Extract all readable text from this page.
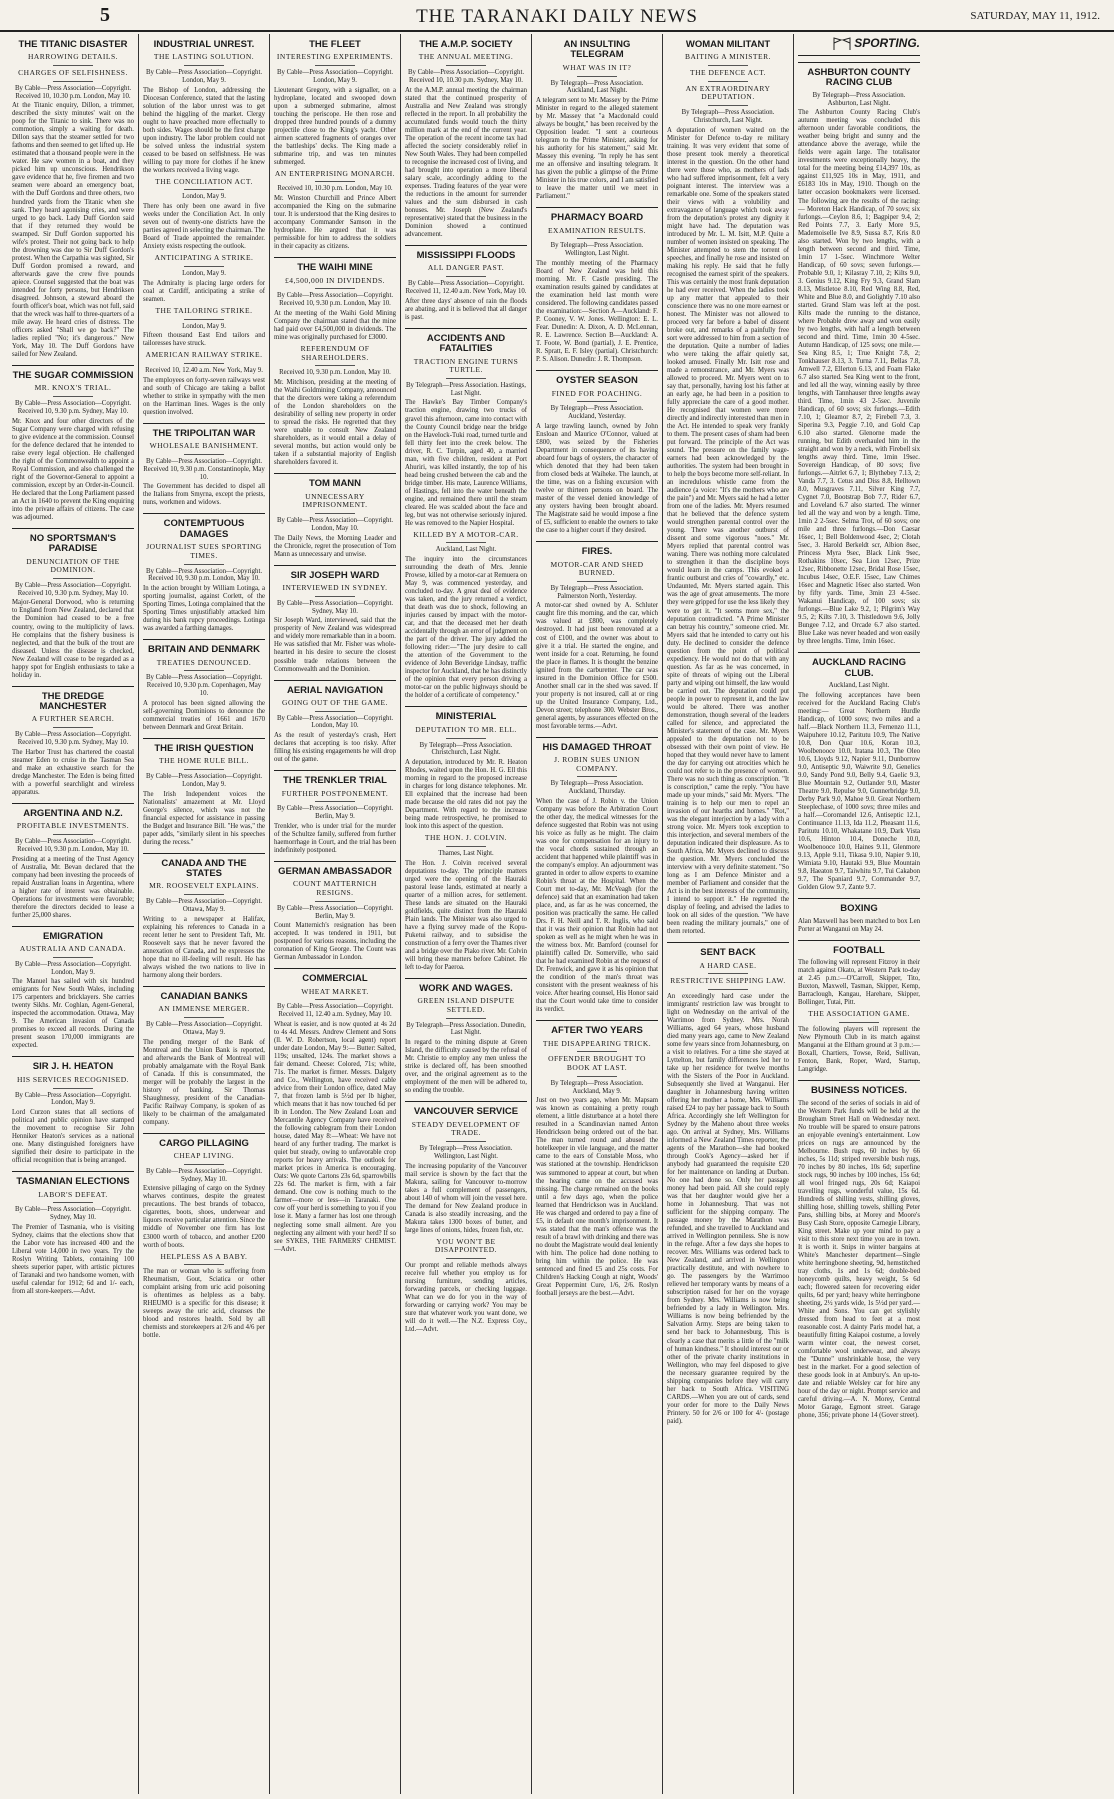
5	THE TARANAKI DAILY NEWS	SATURDAY, MAY 11, 1912.
THE TITANIC DISASTER
HARROWING DETAILS.
CHARGES OF SELFISHNESS.
By Cable—Press Association—Copyright. Received 10, 10.30 p.m. London, May 10.
At the Titanic enquiry, Dillon, a trimmer, described the sixty minutes' wait on the poop for the Titanic to sink. There was no commotion, simply a waiting for death. Dillon says that the steamer settled for two fathoms and then seemed to get lifted up. He estimated that a thousand people were in the water. He saw women in a boat, and they picked him up unconscious. Hendrikson gave evidence that he, five firemen and two seamen were aboard an emergency boat, with the Duff Gordons and three others, two hundred yards from the Titanic when she sank. They heard agonising cries, and were urged to go back. Lady Duff Gordon said that if they returned they would be swamped. Sir Duff Gordon supported his wife's protest. Their not going back to help the drowning was due to Sir Duff Gordon's protest. When the Carpathia was sighted, Sir Duff Gordon promised a reward, and afterwards gave the crew five pounds apiece. Counsel suggested that the boat was intended for forty persons, but Hendriksen disagreed. Johnson, a steward aboard the fourth officer's boat, which was not full, said that the wreck was half to three-quarters of a mile away. He heard cries of distress. The officers asked "Shall we go back?" The ladies replied "No; it's dangerous." New York, May 10. The Duff Gordons have sailed for New Zealand.
THE SUGAR COMMISSION
MR. KNOX'S TRIAL.
By Cable—Press Association—Copyright. Received 10, 9.30 p.m. Sydney, May 10.
Mr. Knox and four other directors of the Sugar Company were charged with refusing to give evidence at the commission. Counsel for the defence declared that he intended to raise every legal objection. He challenged the right of the Commonwealth to appoint a Royal Commission, and also challenged the right of the Governor-General to appoint a commission, except by an Order-in-Council. He declared that the Long Parliament passed an Act in 1640 to prevent the King enquiring into the private affairs of citizens. The case was adjourned.
NO SPORTSMAN'S PARADISE
DENUNCIATION OF THE DOMINION.
By Cable—Press Association—Copyright. Received 10, 9.30 p.m. Sydney, May 10.
Major-General Dorwood, who is returning to England from New Zealand, declared that the Dominion had ceased to be a free country, owing to the multiplicity of laws. He complains that the fishery business is neglected, and that the bulk of the trout are diseased. Unless the disease is checked, New Zealand will cease to be regarded as a happy spot for English enthusiasts to take a holiday in.
THE DREDGE MANCHESTER
A FURTHER SEARCH.
By Cable—Press Association—Copyright. Received 10, 9.30 p.m. Sydney, May 10.
The Harbor Trust has chartered the coastal steamer Eden to cruise in the Tasman Sea and make an exhaustive search for the dredge Manchester. The Eden is being fitted with a powerful searchlight and wireless apparatus.
ARGENTINA AND N.Z.
PROFITABLE INVESTMENTS.
By Cable—Press Association—Copyright. Received 10, 9.30 p.m. London, May 10.
Presiding at a meeting of the Trust Agency of Australia, Mr. Bevan declared that the company had been investing the proceeds of repaid Australian loans in Argentina, where a higher rate of interest was obtainable. Operations for investments were favorable; therefore the directors decided to lease a further 25,000 shares.
EMIGRATION
AUSTRALIA AND CANADA.
By Cable—Press Association—Copyright. London, May 9.
The Manuel has sailed with six hundred emigrants for New South Wales, including 175 carpenters and bricklayers. She carries twenty Sikhs. Mr. Coghlan, Agent-General, inspected the accommodation. Ottawa, May 9. The American invasion of Canada promises to exceed all records. During the present season 170,000 immigrants are expected.
SIR J. H. HEATON
HIS SERVICES RECOGNISED.
By Cable—Press Association—Copyright. London, May 9.
Lord Curzon states that all sections of political and public opinion have stamped the movement to recognise Sir John Henniker Heaton's services as a national one. Many distinguished foreigners have signified their desire to participate in the official recognition that is being arranged.
TASMANIAN ELECTIONS
LABOR'S DEFEAT.
By Cable—Press Association—Copyright. Sydney, May 10.
The Premier of Tasmania, who is visiting Sydney, claims that the elections show that the Labor vote has increased 400 and the Liberal vote 14,000 in two years. Try the Roslyn Writing Tablets, containing 100 sheets superior paper, with artistic pictures of Taranaki and two handsome women, with useful calendar for 1912; 6d and 1/- each, from all store-keepers.—Advt.
INDUSTRIAL UNREST.
THE LASTING SOLUTION.
By Cable—Press Association—Copyright. London, May 9.
The Bishop of London, addressing the Diocesan Conference, stated that the lasting solution of the labor unrest was to get behind the higgling of the market. Clergy ought to have preached more effectually to both sides. Wages should be the first charge upon industry. The labor problem could not be solved unless the industrial system ceased to be based on selfishness. He was willing to pay more for clothes if he knew the workers received a living wage.
THE CONCILIATION ACT.
London, May 9.
There has only been one award in five weeks under the Conciliation Act. In only seven out of twenty-one districts have the parties agreed in selecting the chairman. The Board of Trade appointed the remainder. Anxiety exists respecting the outlook.
ANTICIPATING A STRIKE.
London, May 9.
The Admiralty is placing large orders for coal at Cardiff, anticipating a strike of seamen.
THE TAILORING STRIKE.
London, May 9.
Fifteen thousand East End tailors and tailoresses have struck.
AMERICAN RAILWAY STRIKE.
Received 10, 12.40 a.m. New York, May 9.
The employees on forty-seven railways west and south of Chicago are taking a ballot whether to strike in sympathy with the men on the Harriman lines. Wages is the only question involved.
THE TRIPOLITAN WAR
WHOLESALE BANISHMENT.
By Cable—Press Association—Copyright. Received 10, 9.30 p.m. Constantinople, May 10.
The Government has decided to dispel all the Italians from Smyrna, except the priests, nuns, workmen and widows.
CONTEMPTUOUS DAMAGES
JOURNALIST SUES SPORTING TIMES.
By Cable—Press Association—Copyright. Received 10, 9.30 p.m. London, May 10.
In the action brought by William Lotinga, a sporting journalist, against Corlett, of the Sporting Times, Lotinga complained that the Sporting Times unjustifiably attacked him during his bank rupcy proceedings. Lotinga was awarded a farthing damages.
BRITAIN AND DENMARK
TREATIES DENOUNCED.
By Cable—Press Association—Copyright. Received 10, 9.30 p.m. Copenhagen, May 10.
A protocol has been signed allowing the self-governing Dominions to denounce the commercial treaties of 1661 and 1670 between Denmark and Great Britain.
THE IRISH QUESTION
THE HOME RULE BILL.
By Cable—Press Association—Copyright. London, May 9.
The Irish Independent voices the Nationalists' amazement at Mr. Lloyd George's silence, which was not the financial expected for assistance in passing the Budget and Insurance Bill. "He was," the paper adds, "similarly silent in his speeches during the recess."
CANADA AND THE STATES
MR. ROOSEVELT EXPLAINS.
By Cable—Press Association—Copyright. Ottawa, May 9.
Writing to a newspaper at Halifax, explaining his references to Canada in a recent letter he sent to President Taft, Mr. Roosevelt says that he never favored the annexation of Canada, and he expresses the hope that no ill-feeling will result. He has always wished the two nations to live in harmony along their borders.
CANADIAN BANKS
AN IMMENSE MERGER.
By Cable—Press Association—Copyright. Ottawa, May 9.
The pending merger of the Bank of Montreal and the Union Bank is reported, and afterwards the Bank of Montreal will probably amalgamate with the Royal Bank of Canada. If this is consummated, the merger will be probably the largest in the history of banking. Sir Thomas Shaughnessy, president of the Canadian-Pacific Railway Company, is spoken of as likely to be chairman of the amalgamated company.
CARGO PILLAGING
CHEAP LIVING.
By Cable—Press Association—Copyright. Sydney, May 10.
Extensive pillaging of cargo on the Sydney wharves continues, despite the greatest precautions. The best brands of tobacco, cigarettes, boots, shoes, underwear and liquors receive particular attention. Since the middle of November one firm has lost £3000 worth of tobacco, and another £200 worth of boots.
HELPLESS AS A BABY.
The man or woman who is suffering from Rheumatism, Gout, Sciatica or other complaint arising from uric acid poisoning is oftentimes as helpless as a baby. RHEUMO is a specific for this disease; it sweeps away the uric acid, cleanses the blood and restores health. Sold by all chemists and storekeepers at 2/6 and 4/6 per bottle.
THE FLEET
INTERESTING EXPERIMENTS.
By Cable—Press Association—Copyright. London, May 9.
Lieutenant Gregory, with a signaller, on a hydroplane, located and swooped down upon a submerged submarine, almost touching the periscope. He then rose and dropped three hundred pounds of a dummy projectile close to the King's yacht. Other airmen scattered fragments of oranges over the battleships' decks. The King made a submarine trip, and was ten minutes submerged.
AN ENTERPRISING MONARCH.
Received 10, 10.30 p.m. London, May 10.
Mr. Winston Churchill and Prince Albert accompanied the King on the submarine tour. It is understood that the King desires to accompany Commander Samson in the hydroplane. He argued that it was permissible for him to address the soldiers in their capacity as citizens.
THE WAIHI MINE
£4,500,000 IN DIVIDENDS.
By Cable—Press Association—Copyright. Received 10, 9.30 p.m. London, May 10.
At the meeting of the Waihi Gold Mining Company the chairman stated that the mine had paid over £4,500,000 in dividends. The mine was originally purchased for £3000.
REFERENDUM OF SHAREHOLDERS.
Received 10, 9.30 p.m. London, May 10.
Mr. Mitchison, presiding at the meeting of the Waihi Goldmining Company, announced that the directors were taking a referendum of the London shareholders on the desirability of selling new property in order to spread the risks. He regretted that they were unable to consult New Zealand shareholders, as it would entail a delay of several months, but action would only be taken if a substantial majority of English shareholders favored it.
TOM MANN
UNNECESSARY IMPRISONMENT.
By Cable—Press Association—Copyright. London, May 10.
The Daily News, the Morning Leader and the Chronicle, regret the prosecution of Tom Mann as unnecessary and unwise.
SIR JOSEPH WARD
INTERVIEWED IN SYDNEY.
By Cable—Press Association—Copyright. Sydney, May 10.
Sir Joseph Ward, interviewed, said that the prosperity of New Zealand was widespread and widely more remarkable than in a boom. He was satisfied that Mr. Fisher was whole-hearted in his desire to secure the closest possible trade relations between the Commonwealth and the Dominion.
AERIAL NAVIGATION
GOING OUT OF THE GAME.
By Cable—Press Association—Copyright. London, May 10.
As the result of yesterday's crash, Hert declares that accepting is too risky. After filling his existing engagements he will drop out of the game.
THE TRENKLER TRIAL
FURTHER POSTPONEMENT.
By Cable—Press Association—Copyright. Berlin, May 9.
Trenkler, who is under trial for the murder of the Schultze family, suffered from further haemorrhage in Court, and the trial has been indefinitely postponed.
GERMAN AMBASSADOR
COUNT MATTERNICH RESIGNS.
By Cable—Press Association—Copyright. Berlin, May 9.
Count Matternich's resignation has been accepted. It was tendered in 1911, but postponed for various reasons, including the coronation of King George. The Count was German Ambassador in London.
COMMERCIAL
WHEAT MARKET.
By Cable—Press Association—Copyright. Received 11, 12.40 a.m. Sydney, May 10.
Wheat is easier, and is now quoted at 4s 2d to 4s 4d. Messrs. Andrew Clement and Sons (ll. W. D. Robertson, local agent) report under date London, May 9:— Butter: Salted, 119s; unsalted, 124s. The market shows a fair demand. Cheese: Colored, 71s; white, 71s. The market is firmer. Messrs. Dalgety and Co., Wellington, have received cable advice from their London office, dated May 7, that frozen lamb is 5½d per lb higher, which means that it has now touched 6d per lb in London. The New Zealand Loan and Mercantile Agency Company have received the following cablegram from their London house, dated May 8:—Wheat: We have not heard of any further trading. The market is quiet but steady, owing to unfavorable crop reports for heavy arrivals. The outlook for market prices in America is encouraging. Oats: We quote Cartons 23s 6d, sparrowbills 22s 6d. The market is firm, with a fair demand. One cow is nothing much to the farmer—more or less—in Taranaki. One cow off your herd is something to you if you lose it. Many a farmer has lost one through neglecting some small ailment. Are you neglecting any ailment with your herd? If so see SYKES, THE FARMERS' CHEMIST.—Advt.
THE A.M.P. SOCIETY
THE ANNUAL MEETING.
By Cable—Press Association—Copyright. Received 10, 10.30 p.m. Sydney, May 10.
At the A.M.P. annual meeting the chairman stated that the continued prosperity of Australia and New Zealand was strongly reflected in the report. In all probability the accumulated funds would touch the thirty million mark at the end of the current year. The operation of the recent income tax had affected the society considerably relief in New South Wales. They had been compelled to recognise the increased cost of living, and had brought into operation a more liberal salary scale, accordingly adding to the expenses. Trading features of the year were the reductions in the amount for surrender values and the sum disbursed in cash bonuses. Mr. Joseph (New Zealand's representative) stated that the business in the Dominion showed a continued advancement.
MISSISSIPPI FLOODS
ALL DANGER PAST.
By Cable—Press Association—Copyright. Received 11, 12.40 a.m. New York, May 10.
After three days' absence of rain the floods are abating, and it is believed that all danger is past.
ACCIDENTS AND FATALITIES
TRACTION ENGINE TURNS TURTLE.
By Telegraph—Press Association. Hastings, Last Night.
The Hawke's Bay Timber Company's traction engine, drawing two trucks of gravel this afternoon, came into contact with the County Council bridge near the bridge on the Havelock-Tuki road, turned turtle and fell thirty feet into the creek below. The driver, R. C. Turpin, aged 40, a married man, with five children, resident at Port Ahuriri, was killed instantly, the top of his head being crushed between the cab and the bridge timber. His mate, Laurence Williams, of Hastings, fell into the water beneath the engine, and remained there until the steam cleared. He was scalded about the face and leg, but was not otherwise seriously injured. He was removed to the Napier Hospital.
KILLED BY A MOTOR-CAR.
Auckland, Last Night.
The inquiry into the circumstances surrounding the death of Mrs. Jennie Prowse, killed by a motor-car at Remuera on May 9, was commenced yesterday, and concluded to-day. A great deal of evidence was taken, and the jury returned a verdict, that death was due to shock, following an injuries caused by impact with the motor-car, and that the deceased met her death accidentally through an error of judgment on the part of the driver. The jury added the following rider:—"The jury desire to call the attention of the Government to the evidence of John Beveridge Lindsay, traffic inspector for Auckland, that he has distinctly of the opinion that every person driving a motor-car on the public highways should be the holder of a certificate of competency."
MINISTERIAL
DEPUTATION TO MR. ELL.
By Telegraph—Press Association. Christchurch, Last Night.
A deputation, introduced by Mr. R. Heaton Rhodes, waited upon the Hon. H. G. Ell this morning in regard to the proposed increase in charges for long distance telephones. Mr. Ell explained that the increase had been made because the old rates did not pay the Department. With regard to the increase being made retrospective, he promised to look into this aspect of the question.
THE HON. J. COLVIN.
Thames, Last Night.
The Hon. J. Colvin received several deputations to-day. The principle matters urged were the opening of the Hauraki pastoral lease lands, estimated at nearly a quarter of a million acres, for settlement. These lands are situated on the Hauraki goldfields, quite distinct from the Hauraki Plain lands. The Minister was also urged to have a flying survey made of the Kopu-Puketui railway, and to subsidise the construction of a ferry over the Thames river and a bridge over the Piako river. Mr. Colvin will bring these matters before Cabinet. He left to-day for Paeroa.
WORK AND WAGES.
GREEN ISLAND DISPUTE SETTLED.
By Telegraph—Press Association. Dunedin, Last Night.
In regard to the mining dispute at Green Island, the difficulty caused by the refusal of Mr. Christie to employ any men unless the strike is declared off, has been smoothed over, and the original agreement as to the employment of the men will be adhered to, so ending the trouble.
VANCOUVER SERVICE
STEADY DEVELOPMENT OF TRADE.
By Telegraph—Press Association. Wellington, Last Night.
The increasing popularity of the Vancouver mail service is shown by the fact that the Makura, sailing for Vancouver to-morrow takes a full complement of passengers, about 140 of whom will join the vessel here. The demand for New Zealand produce in Canada is also steadily increasing, and the Makura takes 1300 boxes of butter, and large lines of onions, hides, frozen fish, etc.
YOU WON'T BE DISAPPOINTED.
Our prompt and reliable methods always receive full whether you employ us for nursing furniture, sending articles, forwarding parcels, or checking luggage. What can we do for you in the way of forwarding or carrying work? You may be sure that whatever work you want done, we will do it well.—The N.Z. Express Coy., Ltd.—Advt.
AN INSULTING TELEGRAM
WHAT WAS IN IT?
By Telegraph—Press Association. Auckland, Last Night.
A telegram sent to Mr. Massey by the Prime Minister in regard to the alleged statement by Mr. Massey that "a Macdonald could always be bought," has been received by the Opposition leader. "I sent a courteous telegram to the Prime Minister, asking for his authority for his statement," said Mr. Massey this evening. "In reply he has sent me an offensive and insulting telegram. It has given the public a glimpse of the Prime Minister in his true colors, and I am satisfied to leave the matter until we meet in Parliament."
PHARMACY BOARD
EXAMINATION RESULTS.
By Telegraph—Press Association. Wellington, Last Night.
The monthly meeting of the Pharmacy Board of New Zealand was held this morning. Mr. F. Castle presiding. The examination results gained by candidates at the examination held last month were considered. The following candidates passed the examination:—Section A—Auckland: F. P. Cooney, V. W. Jones. Wellington: E. L. Fear. Dunedin: A. Dixon, A. D. McLennan, R. E. Lawrence. Section B—Auckland: A. T. Foote, W. Bond (partial), J. E. Prentice, R. Spratt, E. F. Isley (partial). Christchurch: P. S. Alison. Dunedin: J. R. Thompson.
OYSTER SEASON
FINED FOR POACHING.
By Telegraph—Press Association. Auckland, Yesterday.
A large trawling launch, owned by John Ensloan and Maurice O'Connor, valued at £800, was seized by the Fisheries Department in consequence of its having aboard four bags of oysters, the character of which denoted that they had been taken from closed beds at Waiheke. The launch, at the time, was on a fishing excursion with twelve or thirteen persons on board. The master of the vessel denied knowledge of any oysters having been brought aboard. The Magistrate said he would impose a fine of £5, sufficient to enable the owners to take the case to a higher court if they desired.
FIRES.
MOTOR-CAR AND SHED BURNED.
By Telegraph—Press Association. Palmerston North, Yesterday.
A motor-car shed owned by A. Schluter caught fire this morning, and the car, which was valued at £800, was completely destroyed. It had just been renovated at a cost of £100, and the owner was about to give it a trial. He started the engine, and went inside for a coat. Returning, he found the place in flames. It is thought the benzine ignited from the carburetter. The car was insured in the Dominion Office for £500. Another small car in the shed was saved. If your property is not insured, call at or ring up the United Insurance Company, Ltd., Devon street; telephone 300. Webster Bros., general agents, by assurances effected on the most favorable terms.—Advt.
HIS DAMAGED THROAT
J. ROBIN SUES UNION COMPANY.
By Telegraph—Press Association. Auckland, Thursday.
When the case of J. Robin v. the Union Company was before the Arbitration Court the other day, the medical witnesses for the defence suggested that Robin was not using his voice as fully as he might. The claim was one for compensation for an injury to the vocal chords sustained through an accident that happened while plaintiff was in the company's employ. An adjournment was granted in order to allow experts to examine Robin's throat at the Hospital. When the Court met to-day, Mr. McVeagh (for the defence) said that an examination had taken place, and, as far as he was concerned, the position was practically the same. He called Drs. F. H. Neill and T. R. Inglis, who said that it was their opinion that Robin had not spoken as well as he might when he was in the witness box. Mr. Bamford (counsel for plaintiff) called Dr. Somerville, who said that he had examined Robin at the request of Dr. Frenwick, and gave it as his opinion that the condition of the man's throat was consistent with the present weakness of his voice. After hearing counsel, His Honor said that the Court would take time to consider its verdict.
AFTER TWO YEARS
THE DISAPPEARING TRICK.
OFFENDER BROUGHT TO BOOK AT LAST.
By Telegraph—Press Association. Auckland, May 9.
Just on two years ago, when Mr. Mapsam was known as containing a pretty rough element, a little disturbance at a hotel there resulted in a Scandinavian named Anton Hendrickson being ordered out of the bar. The man turned round and abused the hotelkeeper in vile language, and the matter came to the ears of Constable Moss, who was stationed at the township. Hendrickson was summoned to appear at court, but when the hearing came on the accused was missing. The charge remained on the books until a few days ago, when the police learned that Hendrickson was in Auckland. He was charged and ordered to pay a fine of £5, in default one month's imprisonment. It was stated that the man's offence was the result of a brawl with drinking and there was no doubt the Magistrate would deal leniently with him. The police had done nothing to bring him within the police. He was sentenced and fined £5 and 25s costs. For Children's Hacking Cough at night, Woods' Great Peppermint Cure, 1/6, 2/6. Roslyn football jerseys are the best.—Advt.
WOMAN MILITANT
BAITING A MINISTER.
THE DEFENCE ACT.
AN EXTRAORDINARY DEPUTATION.
By Telegraph—Press Association. Christchurch, Last Night.
A deputation of women waited on the Minister for Defence to-day re military training. It was very evident that some of those present took merely a theoretical interest in the question. On the other hand there were those who, as mothers of lads who had suffered imprisonment, felt a very poignant interest. The interview was a remarkable one. Some of the speakers stated their views with a volubility and extravagance of language which took away from the deputation's protest any dignity it might have had. The deputation was introduced by Mr. L. M. Isitt, M.P. Quite a number of women insisted on speaking. The Minister attempted to stem the torrent of speeches, and finally he rose and insisted on making his reply. He said that he fully recognised the earnest spirit of the speakers. This was certainly the most frank deputation he had ever received. When the ladies took up any matter that appealed to their conscience there was no one more earnest or honest. The Minister was not allowed to proceed very far before a babel of dissent broke out, and remarks of a painfully free sort were addressed to him from a section of the deputation. Quite a number of ladies who were taking the affair quietly sat, looked amused. Finally Mr. Isitt rose and made a remonstrance, and Mr. Myers was allowed to proceed. Mr. Myers went on to say that, personally, having lost his father at an early age, he had been in a position to fully appreciate the care of a good mother. He recognised that women were more directly and indirectly interested than men in the Act. He intended to speak very frankly to them. The present cases of sham had been put forward. The principle of the Act was sound. The pressure on the family wage-earners had been acknowledged by the authorities. The system had been brought in to help the boys become more self-reliant. In an incredulous whistle came from the audience (a voice: "It's the mothers who are the pain") and Mr. Myers said he had a letter from one of the ladies. Mr. Myers resumed that he believed that the defence system would strengthen parental control over the young. There was another outburst of dissent and some vigorous "noes." Mr. Myers replied that parental control was waning. There was nothing more calculated to strengthen it than the discipline boys would learn in the camps. This evoked a frantic outburst and cries of "cowardly," etc. Undaunted, Mr. Myers started again. This was the age of great amusements. The more they were gripped for use the less likely they were to get it. "It seems more sex," the deputation contradicted. "A Prime Minister can betray his country," someone cried. Mr. Myers said that he intended to carry out his duty. He declined to consider the defence question from the point of political expediency. He would not do that with any question. As far as he was concerned, in spite of threats of wiping out the Liberal party and wiping out himself, the law would be carried out. The deputation could put people in power to represent it, and the law would be altered. There was another demonstration, though several of the leaders called for silence, and appreciated the Minister's statement of the case. Mr. Myers appealed to the deputation not to be obsessed with their own point of view. He hoped that they would never have to lament the day for carrying out atrocities which he could not refer to in the presence of women. There was no such thing as conscription. "It is conscription," came the reply. "You have made up your minds," said Mr. Myers. "The training is to help our men to repel an invasion of our hearths and homes." "Rot," was the elegant interjection by a lady with a strong voice. Mr. Myers took exception to this interjection, and several members of the deputation indicated their displeasure. As to South Africa, Mr. Myers declined to discuss the question. Mr. Myers concluded the interview with a very definite statement. "So long as I am Defence Minister and a member of Parliament and consider that the Act is in the best interests of the community, I intend to support it." He regretted the display of feeling, and advised the ladies to look on all sides of the question. "We have been reading the military journals," one of them retorted.
SENT BACK
A HARD CASE.
RESTRICTIVE SHIPPING LAW.
An exceedingly hard case under the immigrants' restriction law was brought to light on Wednesday on the arrival of the Warrimoo from Sydney. Mrs. Norah Williams, aged 64 years, whose husband died many years ago, came to New Zealand some few years since from Johannesburg, on a visit to relatives. For a time she stayed at Lyttelton, but family differences led her to take up her residence for twelve months with the Sisters of the Poor in Auckland. Subsequently she lived at Wanganui. Her daughter in Johannesburg having written offering her mother a home, Mrs. Williams raised £24 to pay her passage back to South Africa. Accordingly she left Wellington for Sydney by the Maheno about three weeks ago. On arrival at Sydney, Mrs. Williams informed a New Zealand Times reporter, the agents of the Marathon—she had booked through Cook's Agency—asked her if anybody had guaranteed the requisite £20 for her maintenance on landing at Durban. No one had done so. Only her passage money had been paid. All she could reply was that her daughter would give her a home in Johannesburg. That was not sufficient for the shipping company. The passage money by the Marathon was refunded, and she travelled to Auckland and arrived in Wellington penniless. She is now in the refuge. After a few days she hopes to recover. Mrs. Williams was ordered back to New Zealand, and arrived in Wellington practically destitute, and with nowhere to go. The passengers by the Warrimoo relieved her temporary wants by means of a subscription raised for her on the voyage from Sydney. Mrs. Williams is now being befriended by a lady in Wellington. Mrs. Williams is now being befriended by the Salvation Army. Steps are being taken to send her back to Johannesburg. This is clearly a case that merits a little of the "milk of human kindness." It should interest our or other of the private charity institutions in Wellington, who may feel disposed to give the necessary guarantee required by the shipping companies before they will carry her back to South Africa. VISITING CARDS.—When you are out of cards, send your order for more to the Daily News Printery. 50 for 2/6 or 100 for 4/- (postage paid).
SPORTING.
ASHBURTON COUNTY RACING CLUB
By Telegraph—Press Association. Ashburton, Last Night.
The Ashburton County Racing Club's autumn meeting was concluded this afternoon under favorable conditions, the weather being bright and sunny and the attendance above the average, while the fields were again large. The totalisator investments were exceptionally heavy, the total for the meeting being £14,397 10s, as against £11,925 10s in May, 1911, and £6183 10s in May, 1910. Though on the latter occasion bookmakers were licensed. The following are the results of the racing:— Moreton Hack Handicap, of 70 sovs; six furlongs.—Ceylon 8.6, 1; Bagpiper 9.4, 2; Red Points 7.7, 3. Early More 9.5, Mademoiselle Ive 8.9, Sussa 8.7, Kris 8.0 also started. Won by two lengths, with a length between second and third. Time, 1min 17 1-5sec. Winchmore Welter Handicap, of 60 sovs; seven furlongs.—Probable 9.0, 1; Kilasray 7.10, 2; Kilts 9.0, 3. Genius 9.12, King Fry 9.3, Grand Slam 8.13, Mistletoe 8.10, Red Wing 8.8, Red, White and Blue 8.0, and Golightly 7.10 also started. Grand Slam was left at the post. Kilts made the running to the distance, where Probable drew away and won easily by two lengths, with half a length between second and third. Time, 1min 30 4-5sec. Autumn Handicap, of 125 sovs; one mile.—Sea King 8.5, 1; True Knight 7.8, 2; Tonkhauser 8.13, 3. Turna 7.11, Bellas 7.8, Amwell 7.2, Ellerton 6.13, and Foam Flake 6.7 also started. Sea King went to the front, and led all the way, winning easily by three lengths, with Tannhauser three lengths away third. Time, 1min 43 2-5sec. Juvenile Handicap, of 60 sovs; six furlongs.—Edith 7.10, 1; Gleamor 8.7, 2; Firebell 7.3, 3. Siperina 9.3, Peggie 7.10, and Gold Cap 6.10 also started. Glenorne made the running, but Edith overhauled him in the straight and won by a neck, with Firebell six lengths away third. Time, 1min 19sec. Sovereign Handicap, of 80 sovs; five furlongs.—Aitrlet 6.7, 1; Blythebey 7.13, 2; Vanda 7.7, 3. Cetus and Diss 8.8, Helltown 8.0, Musgraves 7.11, Silver King 7.7, Cygnet 7.0, Bootstrap Bob 7.7, Rider 6.7, and Loveland 6.7 also started. The winner led all the way and won by a length. Time, 1min 2 2-5sec. Selma Trot, of 60 sovs; one mile and three furlongs.—Don Caesar 16sec, 1; Bell Boldenwood 4sec, 2; Clotah 5sec, 3. Harold Berkeldt scr, Albion 8sec, Princess Myra 9sec, Black Link 9sec, Rothakins 10sec, Sea Lion 12sec, Prize 12sec, Ribbonette 12sec, Bridal Rose 15sec, Incubus 14sec, O.E.F. 15sec, Law Chimes 16sec and Magnetic 16sec also started. Won by fifty yards. Time, 3min 23 4-5sec. Wakanui Handicap, of 100 sovs; six furlongs.—Blue Lake 9.2, 1; Pilgrim's Way 9.5, 2; Kilts 7.10, 3. Thistledown 9.6, Jolly Bungee 7.12, and Orcade 6.7 also started. Blue Lake was never headed and won easily by three lengths. Time, 1min 16sec.
AUCKLAND RACING CLUB.
Auckland, Last Night.
The following acceptances have been received for the Auckland Racing Club's meeting:— Great Northern Hurdle Handicap, of 1000 sovs; two miles and a half.—Black Northern 11.3, Fernenzo 11.1, Waipuhere 10.12, Paritutu 10.9, The Native 10.8, Don Quar 10.6, Koran 10.3, Woolbenooce 10.0, Iratana 10.3, The Oleo 10.6, Lloyds 9.12, Napier 9.11, Dunborrow 9.0, Antiseptic 9.0, Waiwrite 9.0, Genelics 9.0, Sandy Pond 9.0, Belly 9.4, Gaelic 9.3, Blue Mountain 9.2, Outlander 9.0, Master Theatre 9.0, Repulse 9.0, Gunnerbridge 9.0, Derby Park 9.0, Mahoe 9.0. Great Northern Steeplechase, of 1000 sovs; three miles and a half.—Coromandel 12.6, Antiseptic 12.1, Continuance 11.13, Ida 11.2, Pheasant 11.6, Paritutu 10.10, Whakatane 10.9, Dark Vista 10.6, Hinton 10.4, Doneche 10.0, Woolbenooce 10.0, Haines 9.11, Glenmore 9.13, Apple 9.11, Tikasa 9.10, Napier 9.10, Wimiata 9.10, Hautaki 9.9, Blue Mountain 9.8, Haeaton 9.7, Taiwhitu 9.7, Tui Cakabon 9.7, The Spaniard 9.7, Commander 9.7, Golden Glow 9.7, Zante 9.7.
BOXING
Alan Maxwell has been matched to box Len Porter at Wanganui on May 24.
FOOTBALL
The following will represent Fitzroy in their match against Okato, at Western Park to-day at 2.45 p.m.:—O'Carroll, Skipper, Tito, Buxton, Maxwell, Tasman, Skipper, Kemp, Barraclough, Kangau, Harehare, Skipper, Bollinger, Tutai, Pitt.
THE ASSOCIATION GAME.
The following players will represent the New Plymouth Club in its match against Manganui at the Eltham ground at 3 p.m.:—Boxall, Chartiers, Towse, Reid, Sullivan, Fenton, Bank, Roper, Ward, Startup, Langridge.
BUSINESS NOTICES.
The second of the series of socials in aid of the Western Park funds will be held at the Brougham Street Hall on Wednesday next. No trouble will be spared to ensure patrons an enjoyable evening's entertainment. Low prices on rugs are announced by the Melbourne. Bush rugs, 60 inches by 66 inches, 5s 11d; striped reversible bush rugs, 70 inches by 80 inches, 10s 6d; superfine stock rugs, 90 inches by 100 inches, 15s 6d; all wool fringed rugs, 20s 6d; Kaiapoi travelling rugs, wonderful value, 15s 6d. Hundreds of shilling vests, shilling gloves, shilling hose, shilling towels, shilling Peter Pans, shilling bibs, at Morey and Moore's Busy Cash Store, opposite Carnegie Library, King street. Make up your mind to pay a visit to this store next time you are in town. It is worth it. Snips in winter bargains at White's Manchester department—Single white herringbone sheeting, 9d, hemstitched tray cloths, 1s and 1s 6d; double-bed honeycomb quilts, heavy weight, 5s 6d each; flowered sateen for recovering eider quilts, 6d per yard; heavy white herringbone sheeting, 2½ yards wide, 1s 5½d per yard.—White and Sons. You can get stylishly dressed from head to feet at a most reasonable cost. A dainty Paris model hat, a beautifully fitting Kaiapoi costume, a lovely warm winter coat, the newest corset, comfortable wool underwear, and always the "Dunne" unshrinkable hose, the very best in the market. For a good selection of these goods look in at Ambury's. An up-to-date and reliable Welsley car for hire any hour of the day or night. Prompt service and careful driving.—A. N. Morey, Central Motor Garage, Egmont street. Garage phone, 356; private phone 14 (Gover street).
